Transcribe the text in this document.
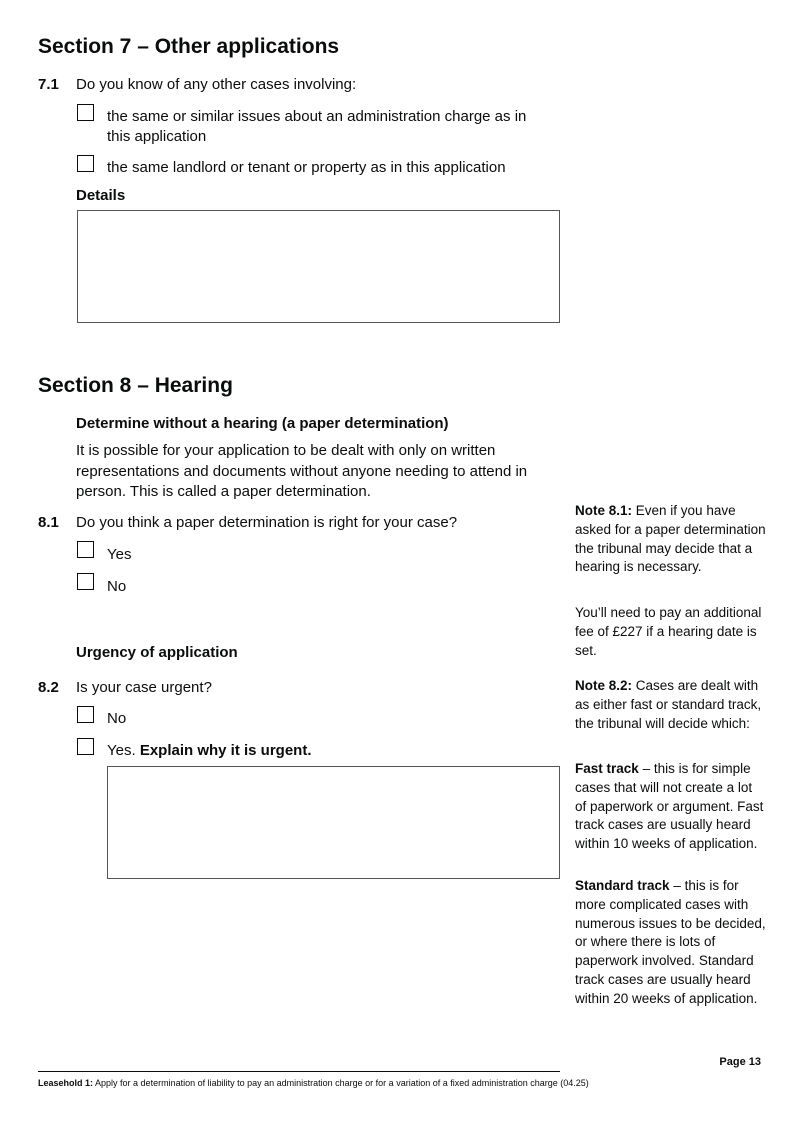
Section 7 – Other applications
7.1 Do you know of any other cases involving:
the same or similar issues about an administration charge as in this application
the same landlord or tenant or property as in this application
Details
Section 8 – Hearing
Determine without a hearing (a paper determination)

It is possible for your application to be dealt with only on written representations and documents without anyone needing to attend in person. This is called a paper determination.

8.1 Do you think a paper determination is right for your case?
Yes
No
Urgency of application
8.2 Is your case urgent?
No
Yes. Explain why it is urgent.
Note 8.1: Even if you have asked for a paper determination the tribunal may decide that a hearing is necessary.
You’ll need to pay an additional fee of £227 if a hearing date is set.
Note 8.2: Cases are dealt with as either fast or standard track, the tribunal will decide which:
Fast track – this is for simple cases that will not create a lot of paperwork or argument. Fast track cases are usually heard within 10 weeks of application.
Standard track – this is for more complicated cases with numerous issues to be decided, or where there is lots of paperwork involved. Standard track cases are usually heard within 20 weeks of application.
Page 13
Leasehold 1: Apply for a determination of liability to pay an administration charge or for a variation of a fixed administration charge (04.25)
